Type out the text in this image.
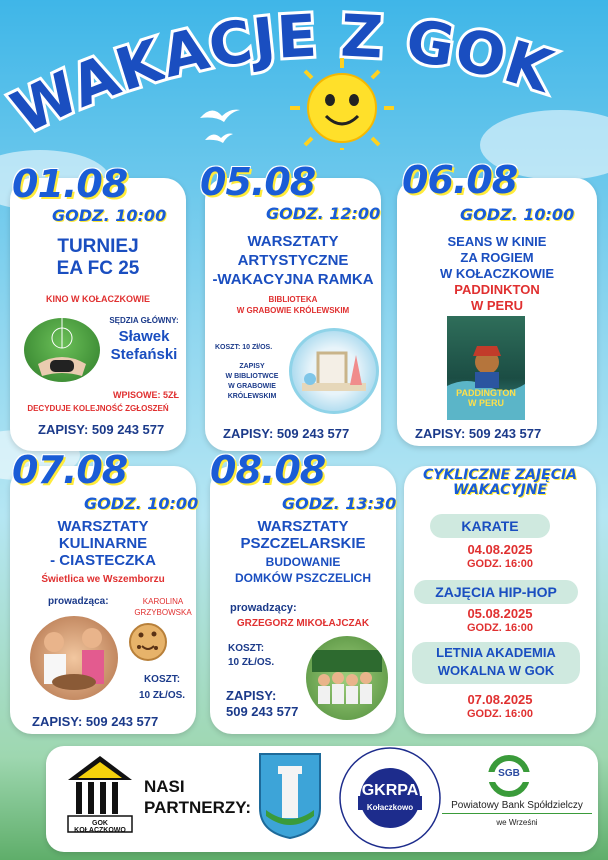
WAKACJE Z GOK
TURNIEJ
EA FC 25
KINO W KOŁACZKOWIE
SĘDZIA GŁÓWNY:
Sławek
Stefański
WPISOWE: 5ZŁ
DECYDUJE KOLEJNOŚĆ ZGŁOSZEŃ
ZAPISY: 509 243 577
01.08
GODZ. 10:00
WARSZTATY
ARTYSTYCZNE
-WAKACYJNA RAMKA
BIBLIOTEKA
W GRABOWIE KRÓLEWSKIM
KOSZT: 10 Zł/OS.
ZAPISY
W BIBLIOTWCE
W GRABOWIE
KRÓLEWSKIM
ZAPISY: 509 243 577
05.08
GODZ. 12:00
SEANS W KINIE
ZA ROGIEM
W KOŁACZKOWIE
PADDINKTON
W PERU
PADDINGTON
W PERU
ZAPISY: 509 243 577
06.08
GODZ. 10:00
WARSZTATY
KULINARNE
- CIASTECZKA
Świetlica we Wszemborzu
prowadząca:	KAROLINA
GRZYBOWSKA
KOSZT:
10 ZŁ/OS.
ZAPISY: 509 243 577
07.08
GODZ. 10:00
WARSZTATY
PSZCZELARSKIE
BUDOWANIE
DOMKÓW PSZCZELICH
prowadzący:
GRZEGORZ MIKOŁAJCZAK
KOSZT:
10 ZŁ/OS.
ZAPISY:
509 243 577
08.08
GODZ. 13:30
KARATE
04.08.2025
GODZ. 16:00
ZAJĘCIA HIP-HOP
05.08.2025
GODZ. 16:00
LETNIA AKADEMIA
WOKALNA W GOK
07.08.2025
GODZ. 16:00
CYKLICZNE ZAJĘCIA
WAKACYJNE
GOK KOŁACZKOWO
NASI
PARTNERZY:
GKRPA
Kołaczkowo
SGB
Powiatowy Bank Spółdzielczy
we Wrześni
